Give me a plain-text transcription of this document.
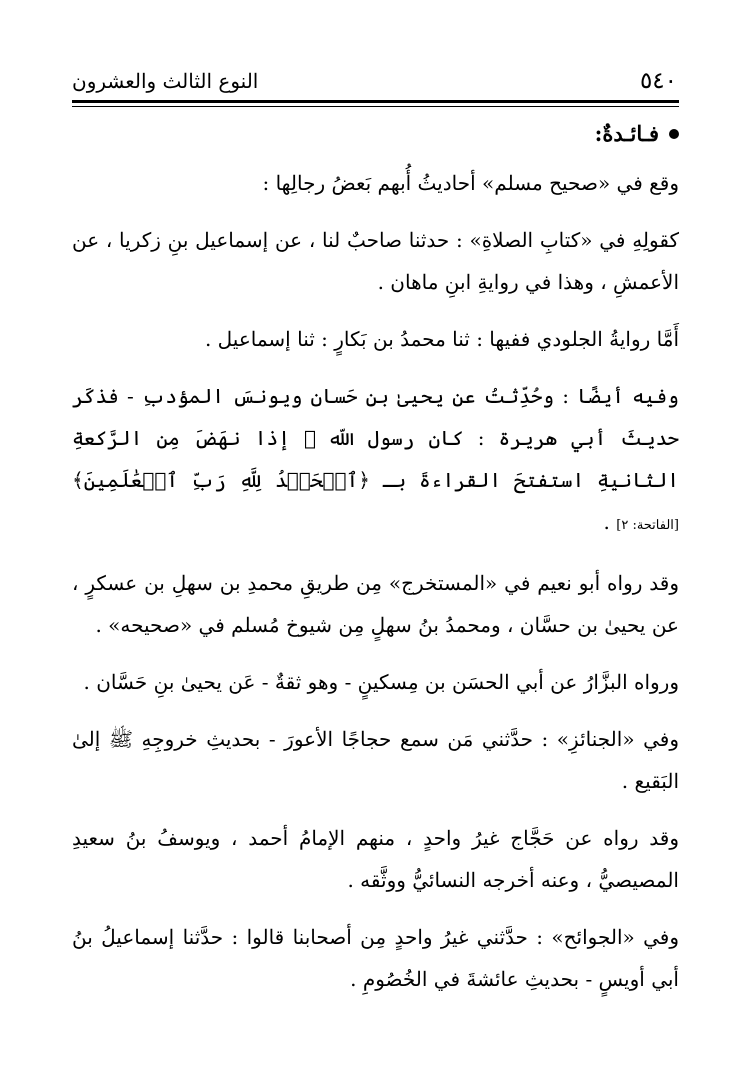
٥٤٠
النوع الثالث والعشرون
فـائـدةٌ:

وقع في «صحيح مسلم» أحاديثُ أُبهم بَعضُ رجالِها :

كقولِهِ في «كتابِ الصلاةِ» : حدثنا صاحبٌ لنا ، عن إسماعيل بنِ زكريا ، عن الأعمشِ ، وهذا في روايةِ ابنِ ماهان .

أَمَّا روايةُ الجلودي ففيها : ثنا محمدُ بن بَكارٍ : ثنا إسماعيل .

وفيه أيضًا : وحُدِّثتُ عن يحيىٰ بنِ حَسان ويونسَ المؤدبِ - فذكَر حديثَ أبي هريرة : كان رسول اللّه ﷺ إذا نهَضَ مِن الرَّكعةِ الثانيةِ استفتحَ القراءةَ بـ ﴿ٱلۡحَمۡدُ لِلَّهِ رَبِّ ٱلۡعَٰلَمِينَ﴾ [الفاتحة: ٢] .

وقد رواه أبو نعيم في «المستخرج» مِن طريقِ محمدِ بن سهلِ بن عسكرٍ ، عن يحيىٰ بن حسَّان ، ومحمدُ بنُ سهلٍ مِن شيوخ مُسلم في «صحيحه» .

ورواه البزَّارُ عن أبي الحسَن بن مِسكينٍ - وهو ثقةٌ - عَن يحيىٰ بنِ حَسَّان .

وفي «الجنائزِ» : حدَّثني مَن سمع حجاجًا الأعورَ - بحديثِ خروجِهِ ﷺ إلىٰ البَقيع .

وقد رواه عن حَجَّاج غيرُ واحدٍ ، منهم الإمامُ أحمد ، ويوسفُ بنُ سعيدِ المصيصيُّ ، وعنه أخرجه النسائيُّ ووثَّقه .

وفي «الجوائح» : حدَّثني غيرُ واحدٍ مِن أصحابنا قالوا : حدَّثنا إسماعيلُ بنُ أبي أويسٍ - بحديثِ عائشةَ في الخُصُومِ .
